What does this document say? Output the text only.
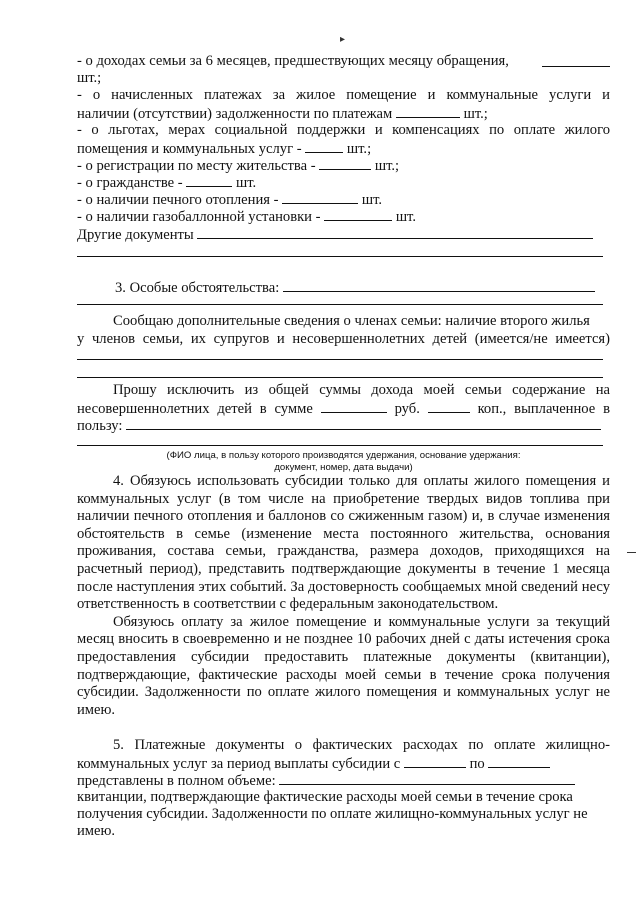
▸
- о доходах семьи за 6 месяцев, предшествующих месяцу обращения,
шт.;
- о начисленных платежах за жилое помещение и коммунальные услуги и
наличии (отсутствии) задолженности по платежам	шт.;
- о льготах, мерах социальной поддержки и компенсациях по оплате жилого
помещения и коммунальных услуг -	шт.;
- о регистрации по месту жительства -	шт.;
- о гражданстве -	шт.
- о наличии печного отопления -	шт.
- о наличии газобаллонной установки -	шт.
Другие документы
3. Особые обстоятельства:
Сообщаю дополнительные сведения о членах семьи: наличие второго жилья
у членов семьи, их супругов и несовершеннолетних детей (имеется/не имеется)
Прошу исключить из общей суммы дохода моей семьи содержание на
несовершеннолетних детей в сумме	руб.	коп., выплаченное в
пользу:
(ФИО лица, в пользу которого производятся удержания, основание удержания:
документ, номер, дата выдачи)

4. Обязуюсь использовать субсидии только для оплаты жилого помещения и коммунальных услуг (в том числе на приобретение твердых видов топлива при наличии печного отопления и баллонов со сжиженным газом) и, в случае изменения обстоятельств в семье (изменение места постоянного жительства, основания проживания, состава семьи, гражданства, размера доходов, приходящихся на расчетный период), представить подтверждающие документы в течение 1 месяца после наступления этих событий. За достоверность сообщаемых мной сведений несу ответственность в соответствии с федеральным законодательством.

Обязуюсь оплату за жилое помещение и коммунальные услуги за текущий месяц вносить в своевременно и не позднее 10 рабочих дней с даты истечения срока предоставления субсидии предоставить платежные документы (квитанции), подтверждающие, фактические расходы моей семьи в течение срока получения субсидии. Задолженности по оплате жилого помещения и коммунальных услуг не имею.

5. Платежные документы о фактических расходах по оплате жилищно-
коммунальных услуг за период выплаты субсидии с	по
представлены в полном объеме:
квитанции, подтверждающие фактические расходы моей семьи в течение срока
получения субсидии. Задолженности по оплате жилищно-коммунальных услуг не
имею.
